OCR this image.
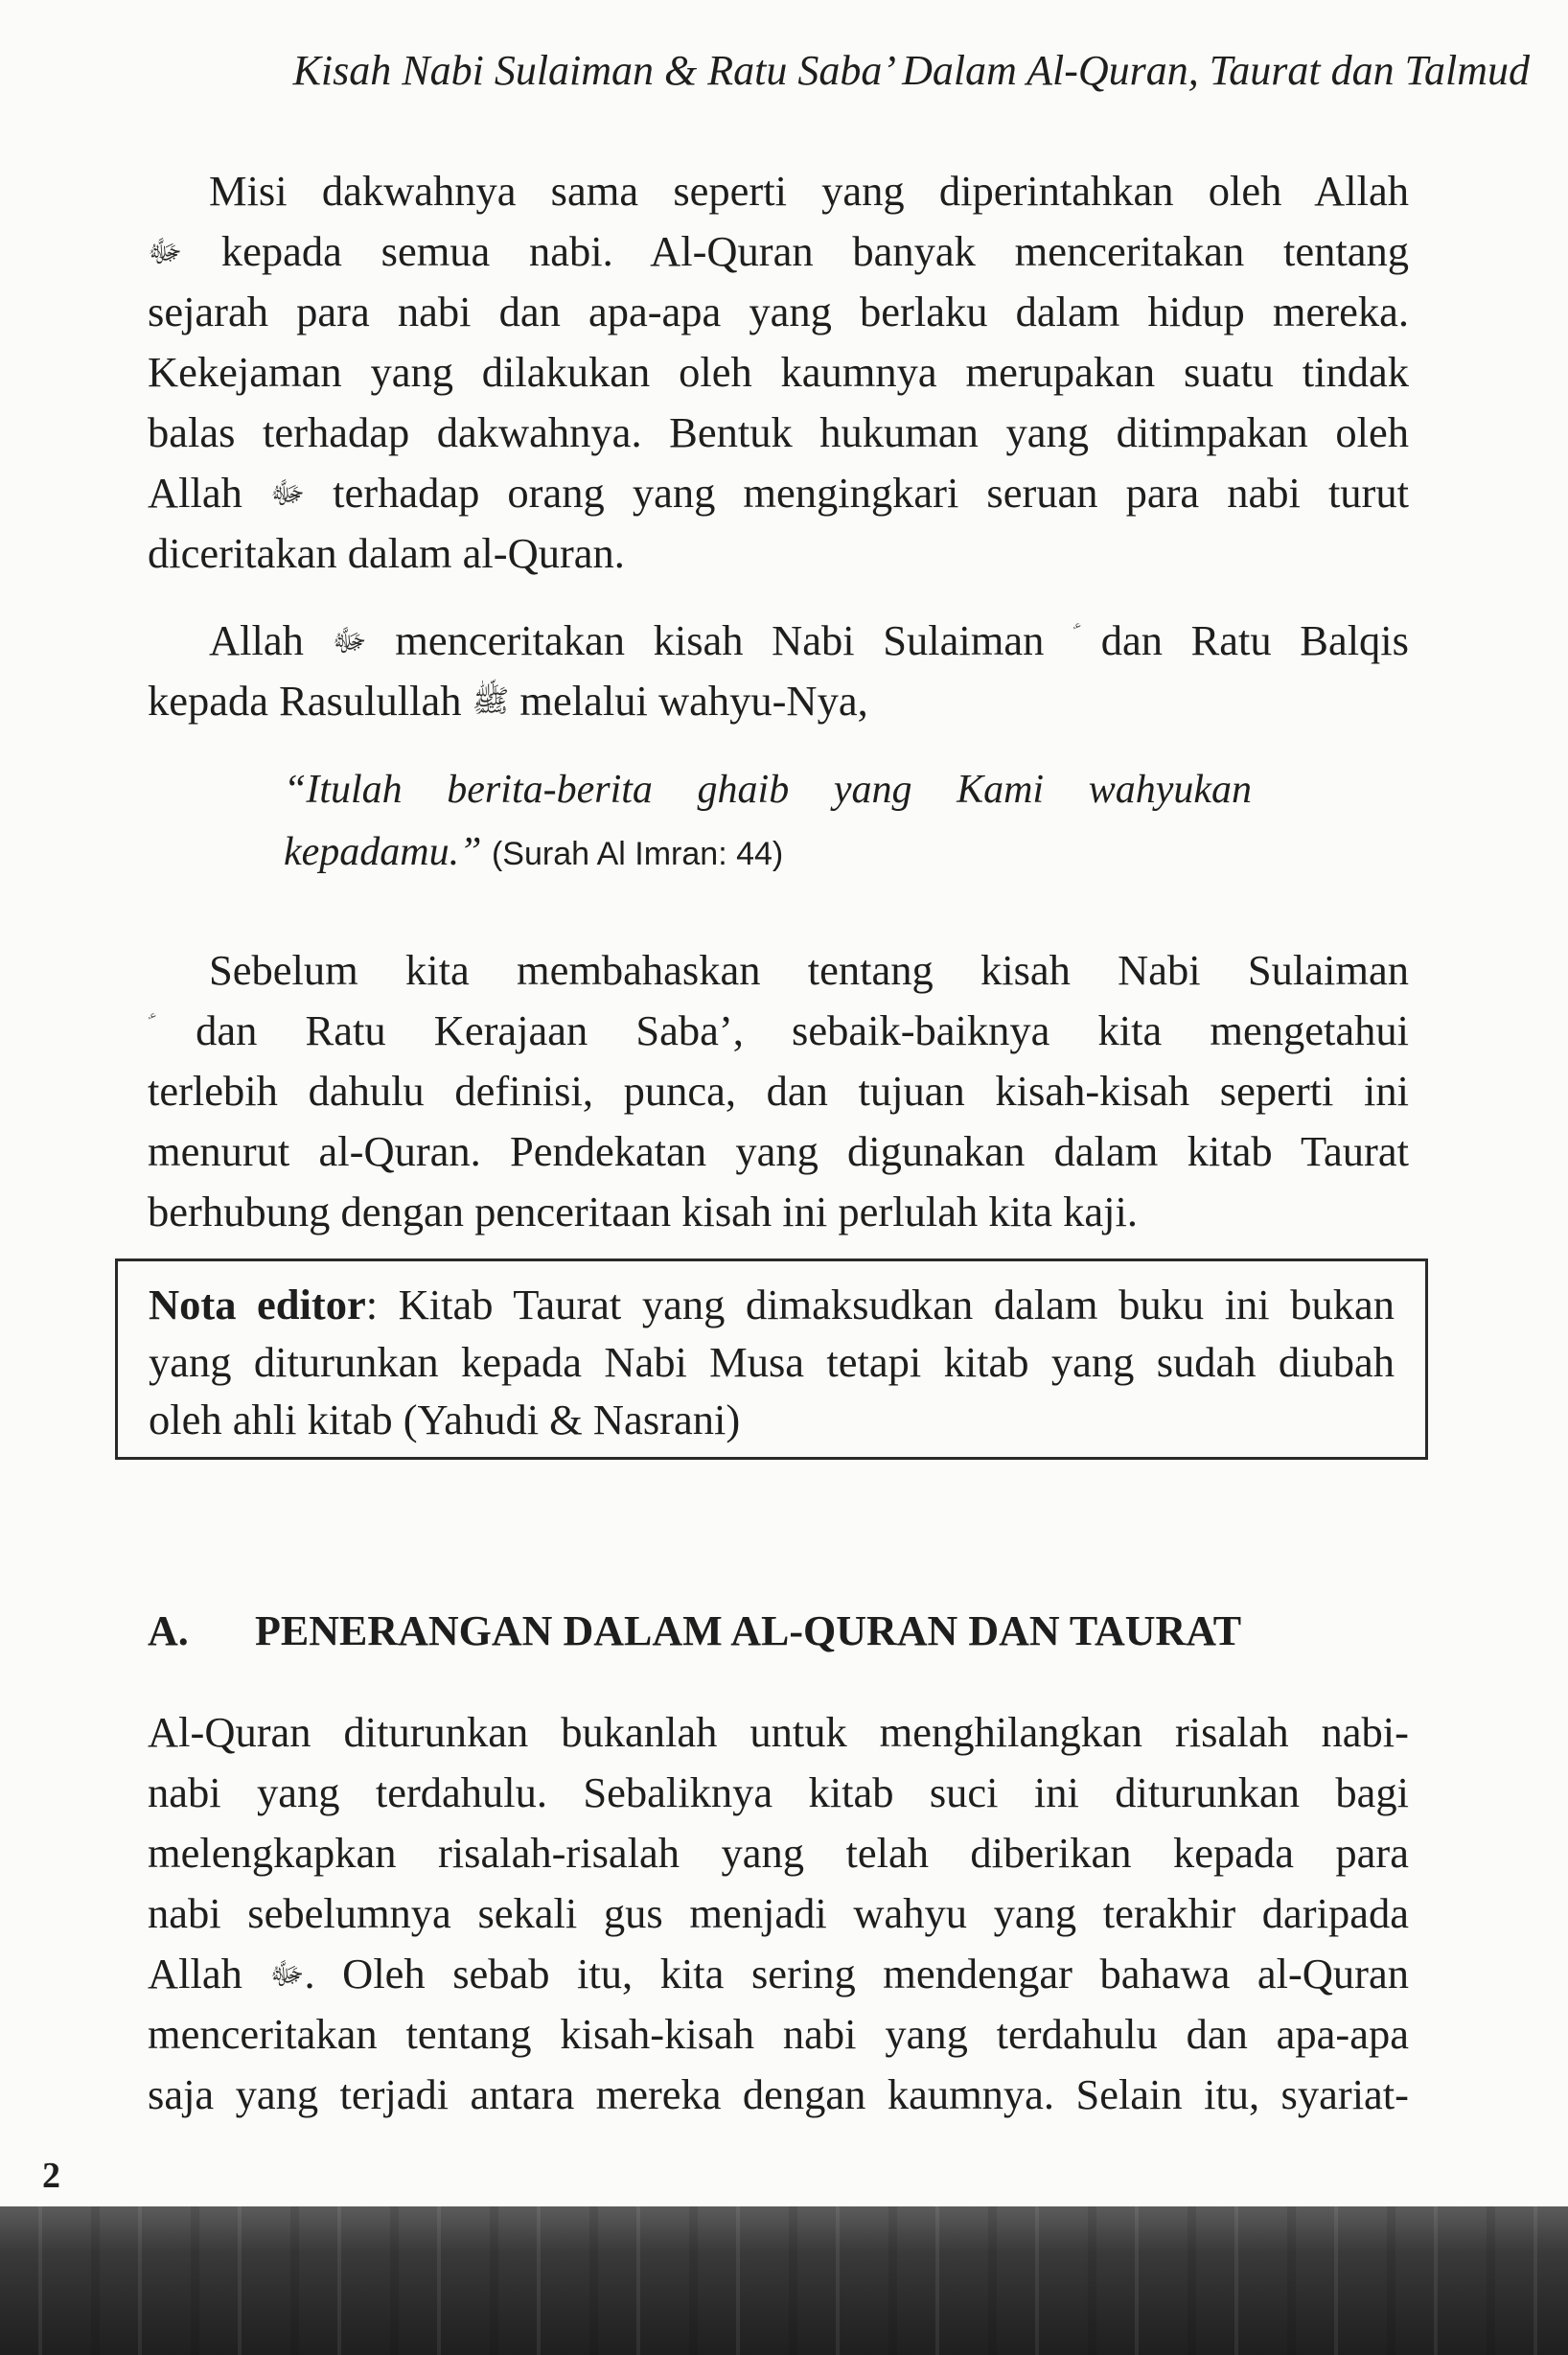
Kisah Nabi Sulaiman & Ratu Saba’ Dalam Al-Quran, Taurat dan Talmud

Misi dakwahnya sama seperti yang diperintahkan oleh Allah
ﷻ kepada semua nabi. Al-Quran banyak menceritakan tentang
sejarah para nabi dan apa-apa yang berlaku dalam hidup mereka.
Kekejaman yang dilakukan oleh kaumnya merupakan suatu tindak
balas terhadap dakwahnya. Bentuk hukuman yang ditimpakan oleh
Allah ﷻ terhadap orang yang mengingkari seruan para nabi turut
diceritakan dalam al-Quran.
Allah ﷻ menceritakan kisah Nabi Sulaiman dan Ratu Balqis
kepada Rasulullah ﷺ melalui wahyu-Nya,
“Itulah berita-berita ghaib yang Kami wahyukan
kepadamu.” (Surah Al Imran: 44)
Sebelum kita membahaskan tentang kisah Nabi Sulaiman
dan Ratu Kerajaan Saba’, sebaik-baiknya kita mengetahui
terlebih dahulu definisi, punca, dan tujuan kisah-kisah seperti ini
menurut al-Quran. Pendekatan yang digunakan dalam kitab Taurat
berhubung dengan penceritaan kisah ini perlulah kita kaji.
Nota editor: Kitab Taurat yang dimaksudkan dalam buku ini bukan
yang diturunkan kepada Nabi Musa tetapi kitab yang sudah diubah
oleh ahli kitab (Yahudi & Nasrani)
A. PENERANGAN DALAM AL-QURAN DAN TAURAT
Al-Quran diturunkan bukanlah untuk menghilangkan risalah nabi-
nabi yang terdahulu. Sebaliknya kitab suci ini diturunkan bagi
melengkapkan risalah-risalah yang telah diberikan kepada para
nabi sebelumnya sekali gus menjadi wahyu yang terakhir daripada
Allah ﷻ. Oleh sebab itu, kita sering mendengar bahawa al-Quran
menceritakan tentang kisah-kisah nabi yang terdahulu dan apa-apa
saja yang terjadi antara mereka dengan kaumnya. Selain itu, syariat-

2
